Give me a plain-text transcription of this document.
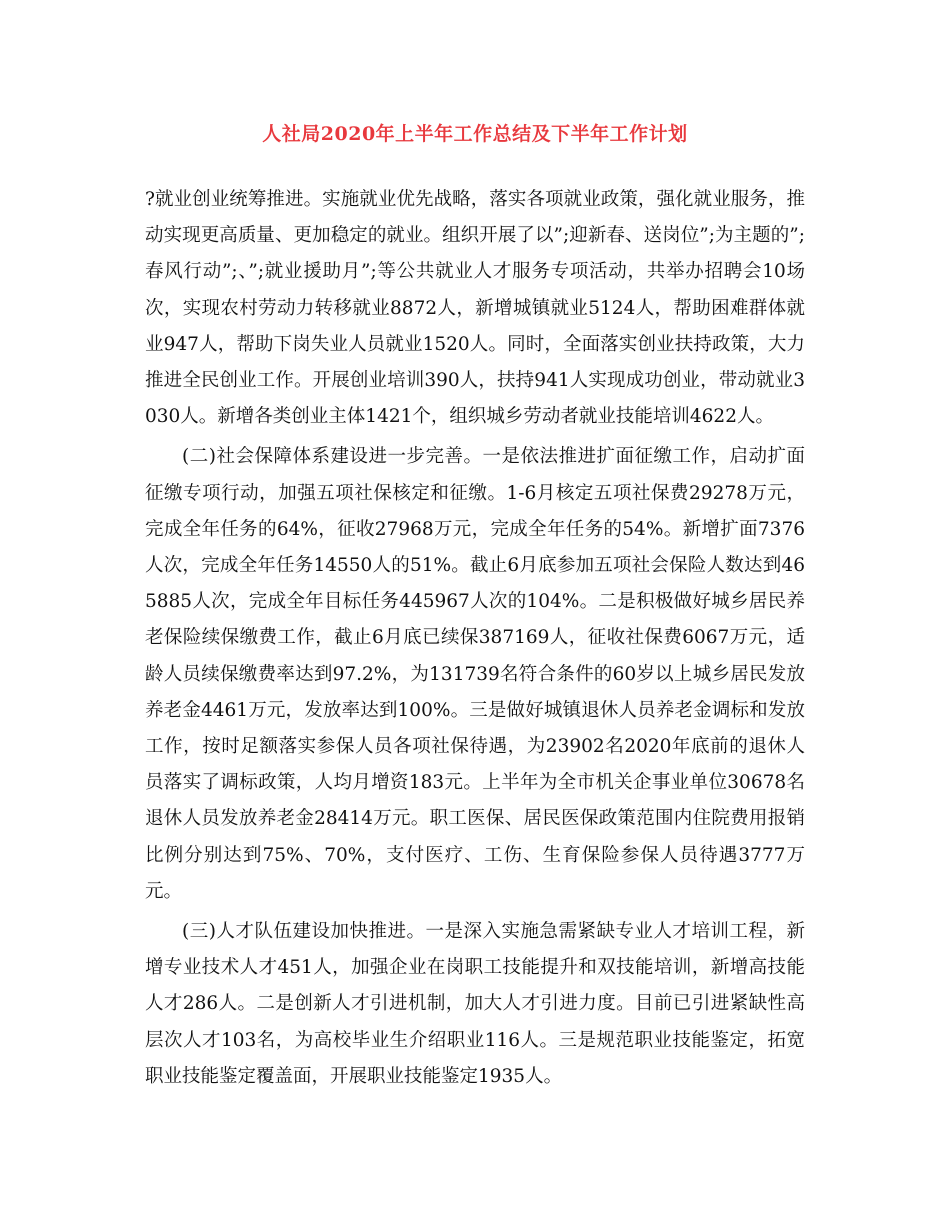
人社局2020年上半年工作总结及下半年工作计划

?就业创业统筹推进。实施就业优先战略，落实各项就业政策，强化就业服务，推动实现更高质量、更加稳定的就业。组织开展了以”;迎新春、送岗位”;为主题的”;春风行动”;、”;就业援助月”;等公共就业人才服务专项活动，共举办招聘会10场次，实现农村劳动力转移就业8872人，新增城镇就业5124人，帮助困难群体就业947人，帮助下岗失业人员就业1520人。同时，全面落实创业扶持政策，大力推进全民创业工作。开展创业培训390人，扶持941人实现成功创业，带动就业3030人。新增各类创业主体1421个，组织城乡劳动者就业技能培训4622人。

(二)社会保障体系建设进一步完善。一是依法推进扩面征缴工作，启动扩面征缴专项行动，加强五项社保核定和征缴。1-6月核定五项社保费29278万元，完成全年任务的64%，征收27968万元，完成全年任务的54%。新增扩面7376人次，完成全年任务14550人的51%。截止6月底参加五项社会保险人数达到465885人次，完成全年目标任务445967人次的104%。二是积极做好城乡居民养老保险续保缴费工作，截止6月底已续保387169人，征收社保费6067万元，适龄人员续保缴费率达到97.2%，为131739名符合条件的60岁以上城乡居民发放养老金4461万元，发放率达到100%。三是做好城镇退休人员养老金调标和发放工作，按时足额落实参保人员各项社保待遇，为23902名2020年底前的退休人员落实了调标政策，人均月增资183元。上半年为全市机关企事业单位30678名退休人员发放养老金28414万元。职工医保、居民医保政策范围内住院费用报销比例分别达到75%、70%，支付医疗、工伤、生育保险参保人员待遇3777万元。

(三)人才队伍建设加快推进。一是深入实施急需紧缺专业人才培训工程，新增专业技术人才451人，加强企业在岗职工技能提升和双技能培训，新增高技能人才286人。二是创新人才引进机制，加大人才引进力度。目前已引进紧缺性高层次人才103名，为高校毕业生介绍职业116人。三是规范职业技能鉴定，拓宽职业技能鉴定覆盖面，开展职业技能鉴定1935人。
